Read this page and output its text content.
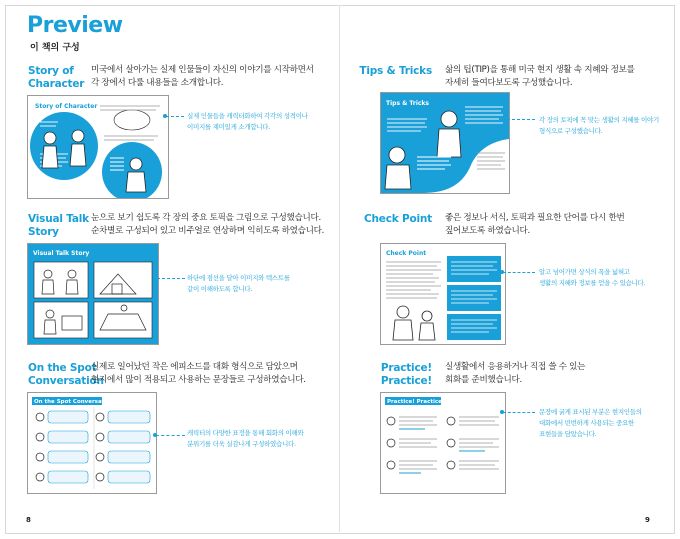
Preview
이 책의 구성
Story of
Character
미국에서 살아가는 실제 인물들이 자신의 이야기를 시작하면서
각 장에서 다룰 내용들을 소개합니다.
Story of Character
실제 인물들을 캐릭터화하여 각각의 성격이나
이미지를 재미있게 소개합니다.
Tips & Tricks 삶의 팁(TIP)을 통해 미국 현지 생활 속 지혜와 정보를
자세히 들여다보도록 구성했습니다.
Tips & Tricks
각 장의 토픽에 꼭 맞는 생활의 지혜를 이야기
형식으로 구성했습니다.
Visual Talk
Story
눈으로 보기 쉽도록 각 장의 중요 토픽을 그림으로 구성했습니다.
순차별로 구성되어 있고 비주얼로 연상하며 익히도록 하였습니다.
Visual Talk Story
하단에 점선을 달아 이미지와 텍스트를
같이 이해하도록 합니다.
Check Point 좋은 정보나 서식, 토픽과 필요한 단어를 다시 한번
짚어보도록 하였습니다.
Check Point
알고 넘어가면 상식의 폭을 넓혀고
생활의 지혜와 정보를 얻을 수 있습니다.
On the Spot
Conversation
실제로 일어났던 작은 에피소드를 대화 형식으로 담았으며
현지에서 많이 적용되고 사용하는 문장들로 구성하였습니다.
On the Spot Conversation
캐릭터의 다양한 표정을 통해 회화의 이해와
분위기를 더욱 실감나게 구성하였습니다.
Practice!
Practice!
실생활에서 응용하거나 직접 쓸 수 있는
회화를 준비했습니다.
Practice! Practice!
문장에 굵게 표시된 부분은 현지인들의
대화에서 빈번하게 사용되는 중요한
표현들을 담았습니다.
8	9
